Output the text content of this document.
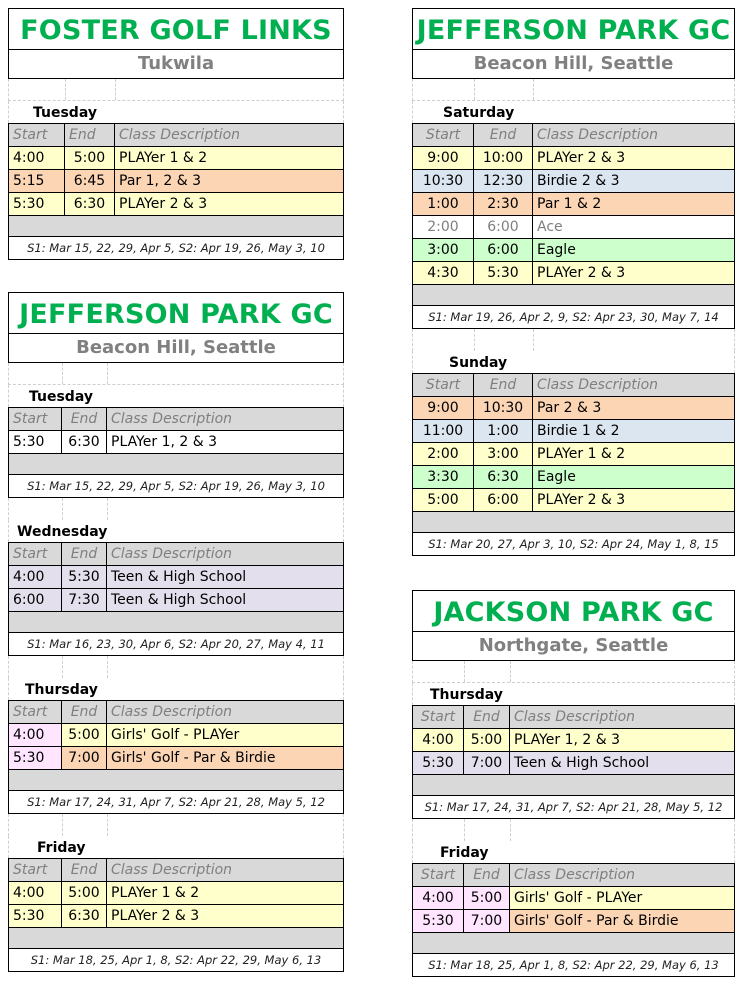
FOSTER GOLF LINKS
Tukwila
Tuesday
Start	End	Class Description
4:00	5:00	PLAYer 1 & 2
5:15	6:45	Par 1, 2 & 3
5:30	6:30	PLAYer 2 & 3

S1: Mar 15, 22, 29, Apr 5, S2: Apr 19, 26, May 3, 10		
JEFFERSON PARK GC
Beacon Hill, Seattle
Tuesday
Start	End	Class Description
5:30	6:30	PLAYer 1, 2 & 3

S1: Mar 15, 22, 29, Apr 5, S2: Apr 19, 26, May 3, 10		
Wednesday
Start	End	Class Description
4:00	5:30	Teen & High School
6:00	7:30	Teen & High School

S1: Mar 16, 23, 30, Apr 6, S2: Apr 20, 27, May 4, 11		
Thursday
Start	End	Class Description
4:00	5:00	Girls' Golf - PLAYer
5:30	7:00	Girls' Golf - Par & Birdie

S1: Mar 17, 24, 31, Apr 7, S2: Apr 21, 28, May 5, 12		
Friday
Start	End	Class Description
4:00	5:00	PLAYer 1 & 2
5:30	6:30	PLAYer 2 & 3

S1: Mar 18, 25, Apr 1, 8, S2: Apr 22, 29, May 6, 13		
JEFFERSON PARK GC
Beacon Hill, Seattle
Saturday
Start	End	Class Description
9:00	10:00	PLAYer 2 & 3
10:30	12:30	Birdie 2 & 3
1:00	2:30	Par 1 & 2
2:00	6:00	Ace
3:00	6:00	Eagle
4:30	5:30	PLAYer 2 & 3

S1: Mar 19, 26, Apr 2, 9, S2: Apr 23, 30, May 7, 14		
Sunday
Start	End	Class Description
9:00	10:30	Par 2 & 3
11:00	1:00	Birdie 1 & 2
2:00	3:00	PLAYer 1 & 2
3:30	6:30	Eagle
5:00	6:00	PLAYer 2 & 3

S1: Mar 20, 27, Apr 3, 10, S2: Apr 24, May 1, 8, 15		
JACKSON PARK GC
Northgate, Seattle
Thursday
Start	End	Class Description
4:00	5:00	PLAYer 1, 2 & 3
5:30	7:00	Teen & High School

S1: Mar 17, 24, 31, Apr 7, S2: Apr 21, 28, May 5, 12		
Friday
Start	End	Class Description
4:00	5:00	Girls' Golf - PLAYer
5:30	7:00	Girls' Golf - Par & Birdie

S1: Mar 18, 25, Apr 1, 8, S2: Apr 22, 29, May 6, 13		
